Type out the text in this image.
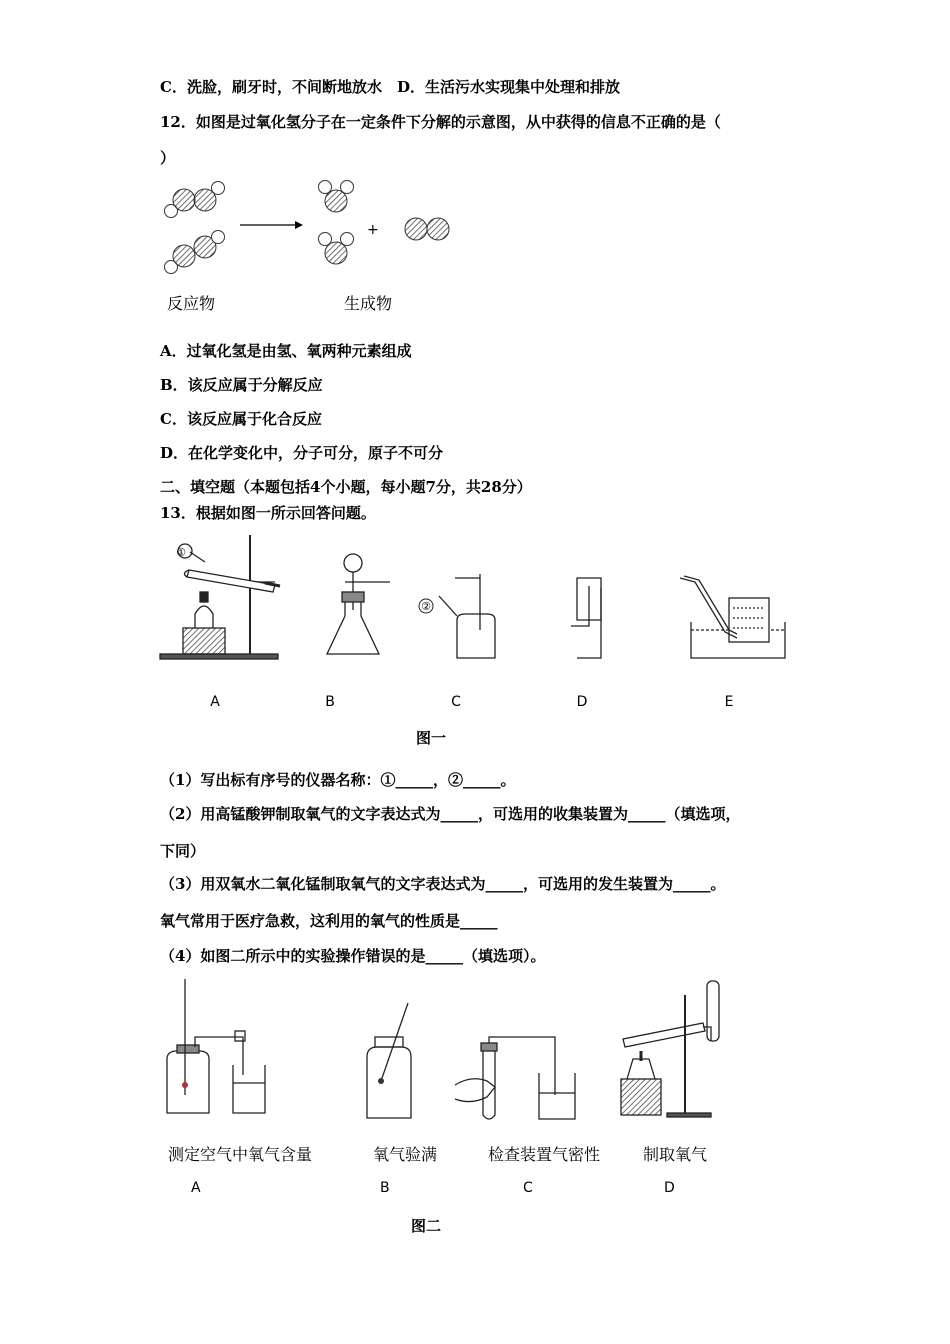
C．洗脸，刷牙时，不间断地放水　D．生活污水实现集中处理和排放
12．如图是过氧化氢分子在一定条件下分解的示意图，从中获得的信息不正确的是（
）
+
反应物	生成物
A．过氧化氢是由氢、氧两种元素组成
B．该反应属于分解反应
C．该反应属于化合反应
D．在化学变化中，分子可分，原子不可分
二、填空题（本题包括4个小题，每小题7分，共28分）
13．根据如图一所示回答问题。
①
②
A	B	C	D	E
图一
（1）写出标有序号的仪器名称：①_____，②_____。
（2）用高锰酸钾制取氧气的文字表达式为_____，可选用的收集装置为_____（填选项，
下同）
（3）用双氧水二氧化锰制取氧气的文字表达式为_____，可选用的发生装置为_____。
氧气常用于医疗急救，这利用的氧气的性质是_____
（4）如图二所示中的实验操作错误的是_____（填选项）。
测定空气中氧气含量	氧气验满	检查装置气密性	制取氧气
A	B	C	D
图二
